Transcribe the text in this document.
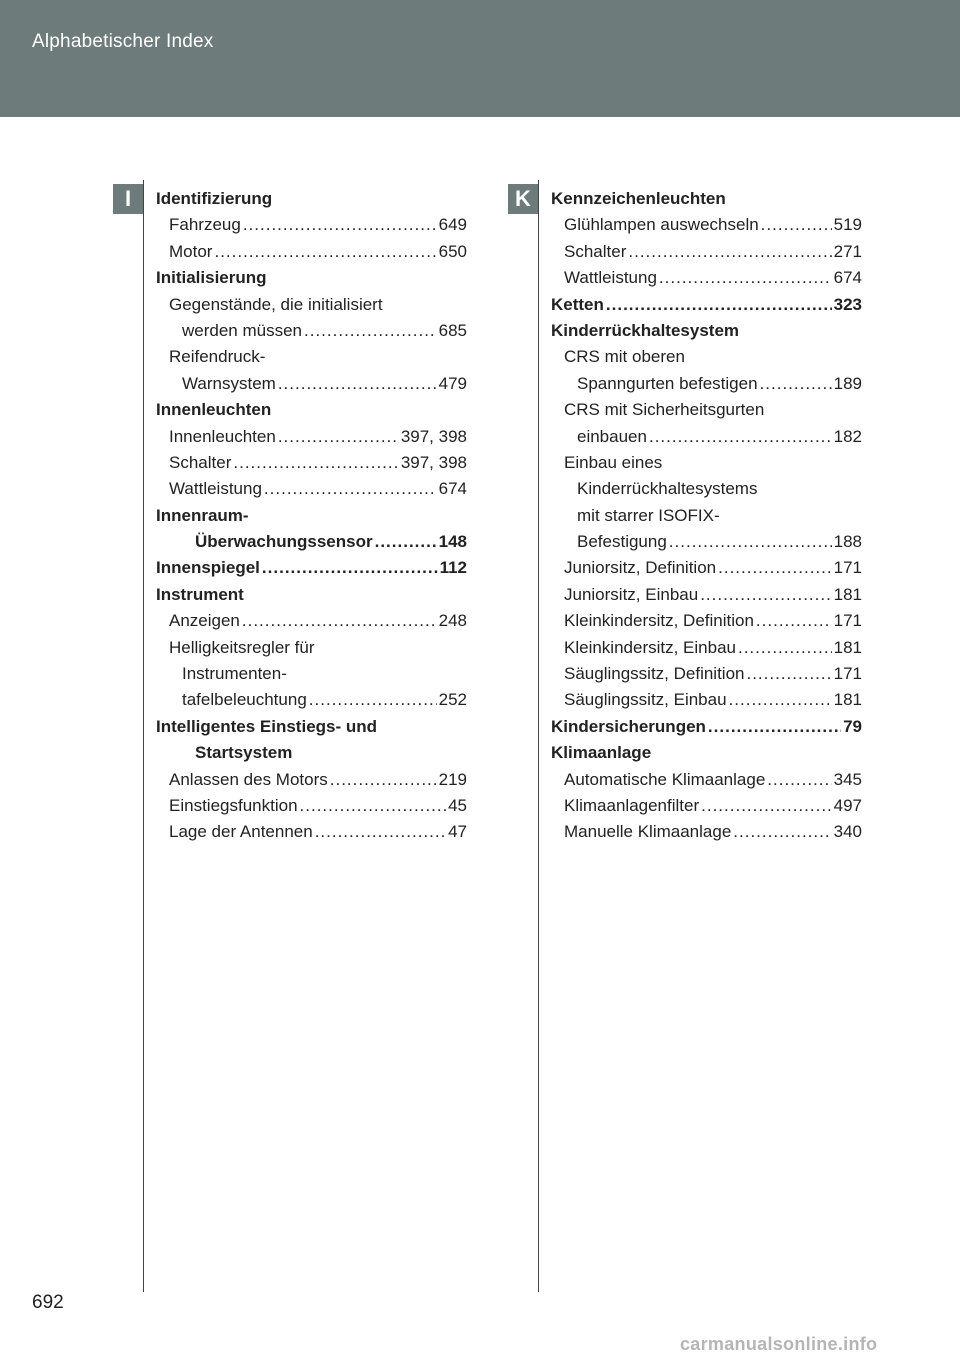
Alphabetischer Index
I	K
Identifizierung
Fahrzeug .....	649
Motor .....	650
Initialisierung
Gegenstände, die initialisiert
werden müssen .....	685
Reifendruck-
Warnsystem .....	479
Innenleuchten
Innenleuchten .....	397, 398
Schalter .....	397, 398
Wattleistung .....	674
Innenraum-
Überwachungssensor .....	148
Innenspiegel .....	112
Instrument
Anzeigen .....	248
Helligkeitsregler für
Instrumenten-
tafelbeleuchtung .....	252
Intelligentes Einstiegs- und
Startsystem
Anlassen des Motors .....	219
Einstiegsfunktion .....	45
Lage der Antennen .....	47
Kennzeichenleuchten
Glühlampen auswechseln .....	519
Schalter .....	271
Wattleistung .....	674
Ketten .....	323
Kinderrückhaltesystem
CRS mit oberen
Spanngurten befestigen .....	189
CRS mit Sicherheitsgurten
einbauen .....	182
Einbau eines
Kinderrückhaltesystems
mit starrer ISOFIX-
Befestigung .....	188
Juniorsitz, Definition .....	171
Juniorsitz, Einbau .....	181
Kleinkindersitz, Definition .....	171
Kleinkindersitz, Einbau .....	181
Säuglingssitz, Definition .....	171
Säuglingssitz, Einbau .....	181
Kindersicherungen .....	79
Klimaanlage
Automatische Klimaanlage .....	345
Klimaanlagenfilter .....	497
Manuelle Klimaanlage .....	340
692
carmanualsonline.info
